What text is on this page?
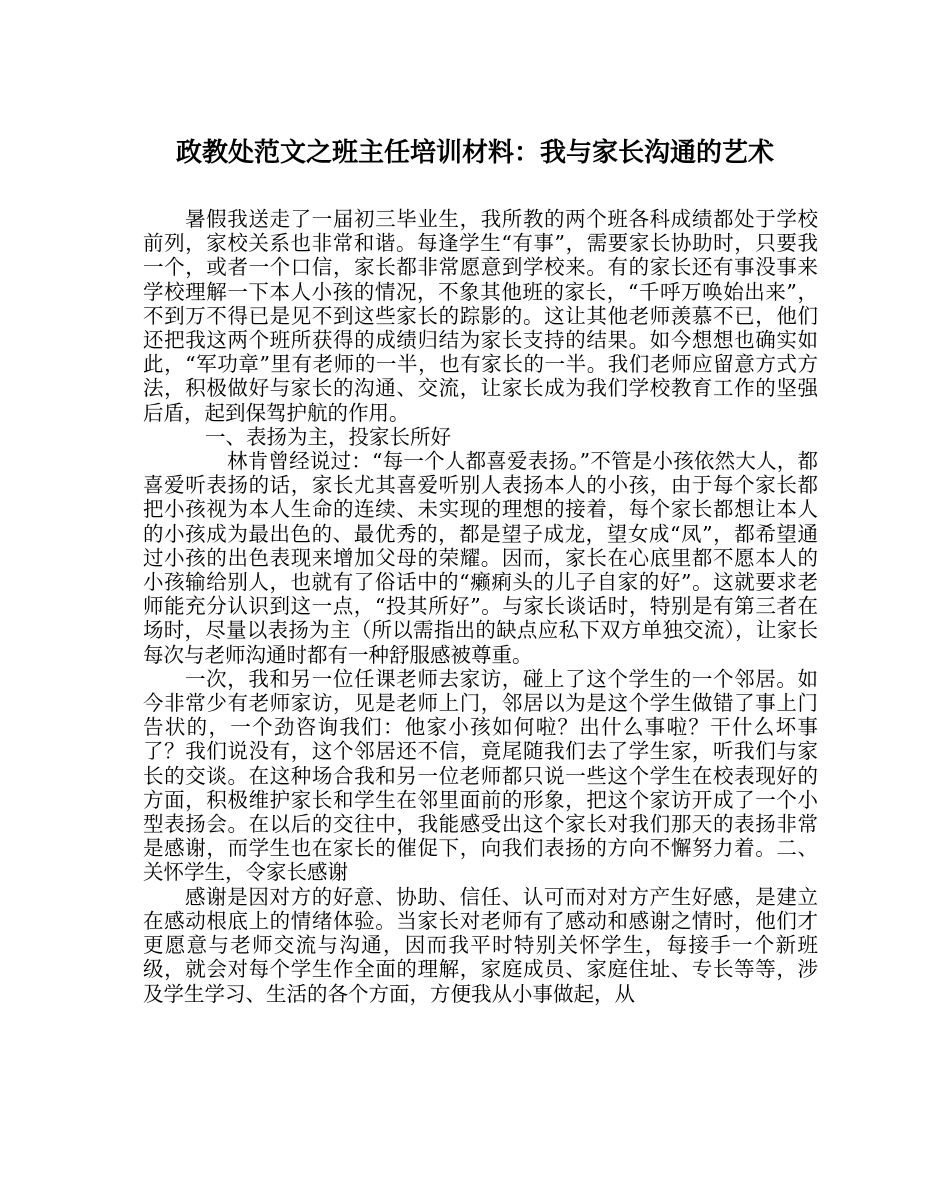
政教处范文之班主任培训材料：我与家长沟通的艺术

暑假我送走了一届初三毕业生，我所教的两个班各科成绩都处于学校前列，家校关系也非常和谐。每逢学生“有事”，需要家长协助时，只要我一个，或者一个口信，家长都非常愿意到学校来。有的家长还有事没事来学校理解一下本人小孩的情况，不象其他班的家长，“千呼万唤始出来”，不到万不得已是见不到这些家长的踪影的。这让其他老师羡慕不已，他们还把我这两个班所获得的成绩归结为家长支持的结果。如今想想也确实如此，“军功章”里有老师的一半，也有家长的一半。我们老师应留意方式方法，积极做好与家长的沟通、交流，让家长成为我们学校教育工作的坚强后盾，起到保驾护航的作用。

一、表扬为主，投家长所好

林肯曾经说过：“每一个人都喜爱表扬。”不管是小孩依然大人，都喜爱听表扬的话，家长尤其喜爱听别人表扬本人的小孩，由于每个家长都把小孩视为本人生命的连续、未实现的理想的接着，每个家长都想让本人的小孩成为最出色的、最优秀的，都是望子成龙，望女成“凤”，都希望通过小孩的出色表现来增加父母的荣耀。因而，家长在心底里都不愿本人的小孩输给别人，也就有了俗话中的“癞痢头的儿子自家的好”。这就要求老师能充分认识到这一点，“投其所好”。与家长谈话时，特别是有第三者在场时，尽量以表扬为主（所以需指出的缺点应私下双方单独交流），让家长每次与老师沟通时都有一种舒服感被尊重。

一次，我和另一位任课老师去家访，碰上了这个学生的一个邻居。如今非常少有老师家访，见是老师上门，邻居以为是这个学生做错了事上门告状的，一个劲咨询我们：他家小孩如何啦？出什么事啦？干什么坏事了？我们说没有，这个邻居还不信，竟尾随我们去了学生家，听我们与家长的交谈。在这种场合我和另一位老师都只说一些这个学生在校表现好的方面，积极维护家长和学生在邻里面前的形象，把这个家访开成了一个小型表扬会。在以后的交往中，我能感受出这个家长对我们那天的表扬非常是感谢，而学生也在家长的催促下，向我们表扬的方向不懈努力着。二、关怀学生，令家长感谢

感谢是因对方的好意、协助、信任、认可而对对方产生好感，是建立在感动根底上的情绪体验。当家长对老师有了感动和感谢之情时，他们才更愿意与老师交流与沟通，因而我平时特别关怀学生，每接手一个新班级，就会对每个学生作全面的理解，家庭成员、家庭住址、专长等等，涉及学生学习、生活的各个方面，方便我从小事做起，从
